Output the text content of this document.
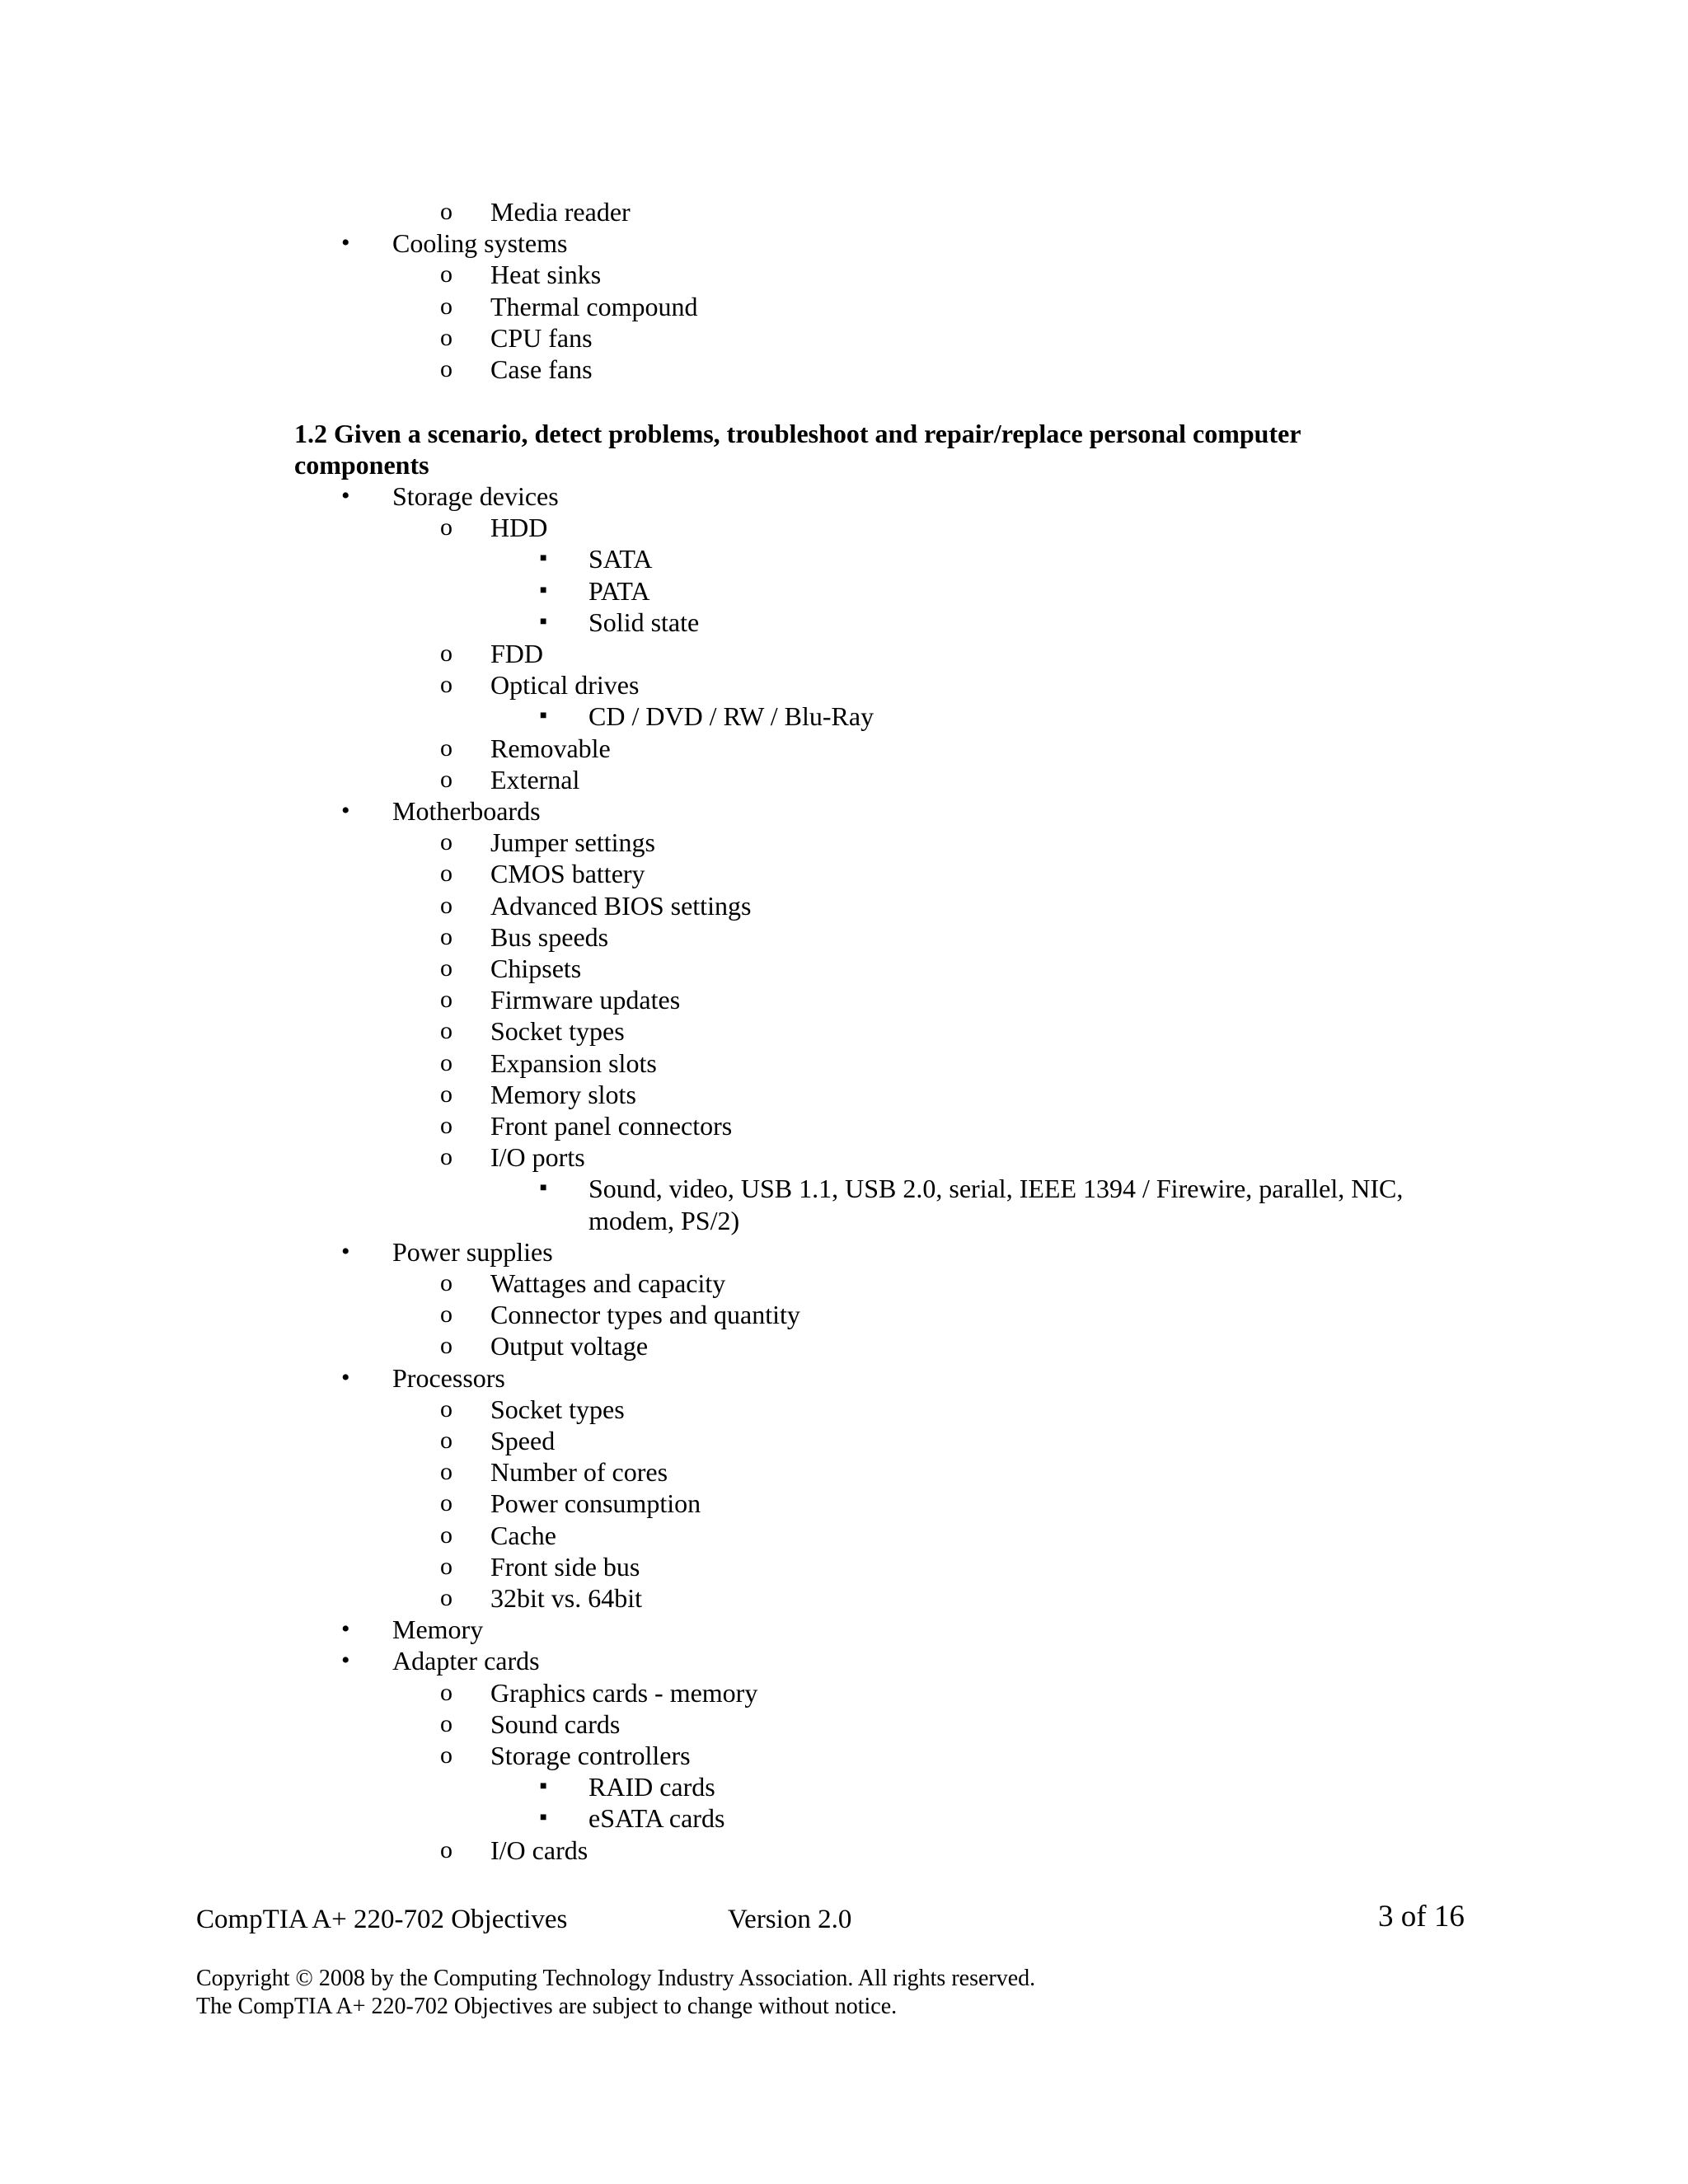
o Media reader
• Cooling systems
o Heat sinks
o Thermal compound
o CPU fans
o Case fans
1.2 Given a scenario, detect problems, troubleshoot and repair/replace personal computer
components
• Storage devices
o HDD
■ SATA
■ PATA
■ Solid state
o FDD
o Optical drives
■ CD / DVD / RW / Blu-Ray
o Removable
o External
• Motherboards
o Jumper settings
o CMOS battery
o Advanced BIOS settings
o Bus speeds
o Chipsets
o Firmware updates
o Socket types
o Expansion slots
o Memory slots
o Front panel connectors
o I/O ports
■ Sound, video, USB 1.1, USB 2.0, serial, IEEE 1394 / Firewire, parallel, NIC,
modem, PS/2)
• Power supplies
o Wattages and capacity
o Connector types and quantity
o Output voltage
• Processors
o Socket types
o Speed
o Number of cores
o Power consumption
o Cache
o Front side bus
o 32bit vs. 64bit
• Memory
• Adapter cards
o Graphics cards - memory
o Sound cards
o Storage controllers
■ RAID cards
■ eSATA cards
o I/O cards
CompTIA A+ 220-702 Objectives	Version 2.0	3 of 16
Copyright © 2008 by the Computing Technology Industry Association. All rights reserved.
The CompTIA A+ 220-702 Objectives are subject to change without notice.
